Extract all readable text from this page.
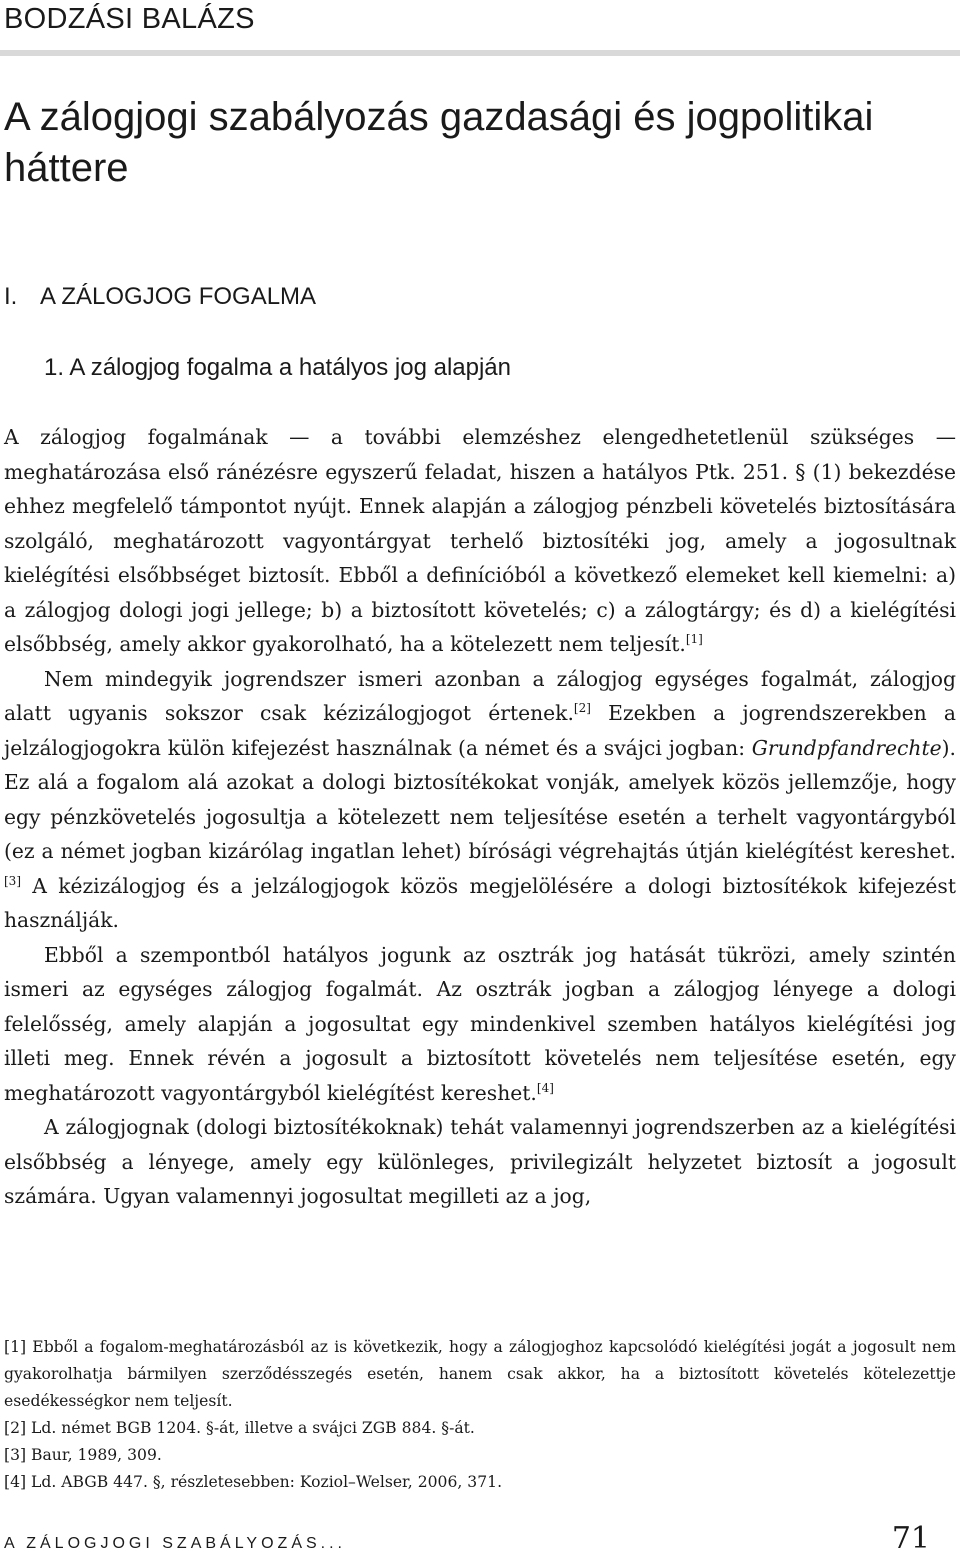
BODZÁSI BALÁZS
A zálogjogi szabályozás gazdasági és jogpolitikai háttere
I. A ZÁLOGJOG FOGALMA
1. A zálogjog fogalma a hatályos jog alapján

A zálogjog fogalmának — a további elemzéshez elengedhetetlenül szükséges — meghatározása első ránézésre egyszerű feladat, hiszen a hatályos Ptk. 251. § (1) bekezdése ehhez megfelelő támpontot nyújt. Ennek alapján a zálogjog pénzbeli követelés biztosítására szolgáló, meghatározott vagyontárgyat terhelő biztosítéki jog, amely a jogosultnak kielégítési elsőbbséget biztosít. Ebből a definícióból a következő elemeket kell kiemelni: a) a zálogjog dologi jogi jellege; b) a biztosított követelés; c) a zálogtárgy; és d) a kielégítési elsőbbség, amely akkor gyakorolható, ha a kötelezett nem teljesít.[1]

Nem mindegyik jogrendszer ismeri azonban a zálogjog egységes fogalmát, zálogjog alatt ugyanis sokszor csak kézizálogjogot értenek.[2] Ezekben a jogrendszerekben a jelzálogjogokra külön kifejezést használnak (a német és a svájci jogban: Grundpfandrechte). Ez alá a fogalom alá azokat a dologi biztosítékokat vonják, amelyek közös jellemzője, hogy egy pénzkövetelés jogosultja a kötelezett nem teljesítése esetén a terhelt vagyontárgyból (ez a német jogban kizárólag ingatlan lehet) bírósági végrehajtás útján kielégítést kereshet.[3] A kézizálogjog és a jelzálogjogok közös megjelölésére a dologi biztosítékok kifejezést használják.

Ebből a szempontból hatályos jogunk az osztrák jog hatását tükrözi, amely szintén ismeri az egységes zálogjog fogalmát. Az osztrák jogban a zálogjog lényege a dologi felelősség, amely alapján a jogosultat egy mindenkivel szemben hatályos kielégítési jog illeti meg. Ennek révén a jogosult a biztosított követelés nem teljesítése esetén, egy meghatározott vagyontárgyból kielégítést kereshet.[4]

A zálogjognak (dologi biztosítékoknak) tehát valamennyi jogrendszerben az a kielégítési elsőbbség a lényege, amely egy különleges, privilegizált helyzetet biztosít a jogosult számára. Ugyan valamennyi jogosultat megilleti az a jog,

[1] Ebből a fogalom-meghatározásból az is következik, hogy a zálogjoghoz kapcsolódó kielégítési jogát a jogosult nem gyakorolhatja bármilyen szerződésszegés esetén, hanem csak akkor, ha a biztosított követelés kötelezettje esedékességkor nem teljesít.

[2] Ld. német BGB 1204. §-át, illetve a svájci ZGB 884. §-át.

[3] Baur, 1989, 309.

[4] Ld. ABGB 447. §, részletesebben: Koziol–Welser, 2006, 371.

A ZÁLOGJOGI SZABÁLYOZÁS...	71
